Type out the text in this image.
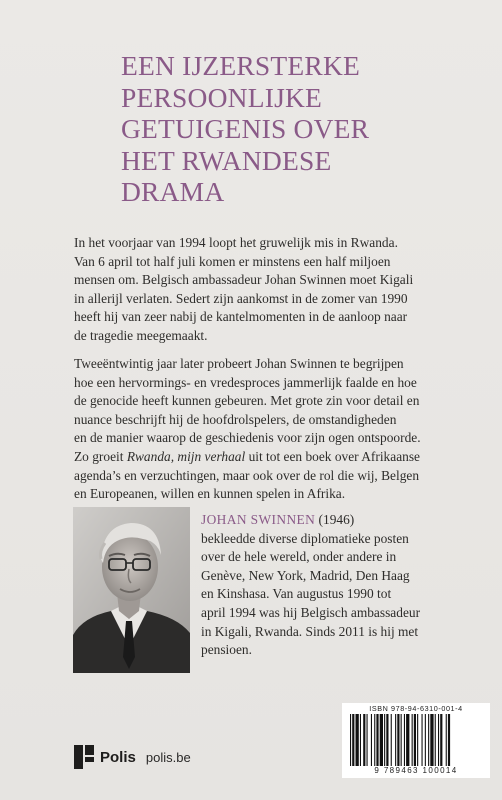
EEN IJZERSTERKE
PERSOONLIJKE
GETUIGENIS OVER
HET RWANDESE
DRAMA

In het voorjaar van 1994 loopt het gruwelijk mis in Rwanda.
Van 6 april tot half juli komen er minstens een half miljoen
mensen om. Belgisch ambassadeur Johan Swinnen moet Kigali
in allerijl verlaten. Sedert zijn aankomst in de zomer van 1990
heeft hij van zeer nabij de kantelmomenten in de aanloop naar
de tragedie meegemaakt.

Tweeëntwintig jaar later probeert Johan Swinnen te begrijpen
hoe een hervormings- en vredesproces jammerlijk faalde en hoe
de genocide heeft kunnen gebeuren. Met grote zin voor detail en
nuance beschrijft hij de hoofdrolspelers, de omstandigheden
en de manier waarop de geschiedenis voor zijn ogen ontspoorde.
Zo groeit Rwanda, mijn verhaal uit tot een boek over Afrikaanse
agenda’s en verzuchtingen, maar ook over de rol die wij, Belgen
en Europeanen, willen en kunnen spelen in Afrika.

JOHAN SWINNEN (1946)
bekleedde diverse diplomatieke posten
over de hele wereld, onder andere in
Genève, New York, Madrid, Den Haag
en Kinshasa. Van augustus 1990 tot
april 1994 was hij Belgisch ambassadeur
in Kigali, Rwanda. Sinds 2011 is hij met
pensioen.

ISBN 978-94-6310-001-4
9 789463 100014
Polis polis.be
